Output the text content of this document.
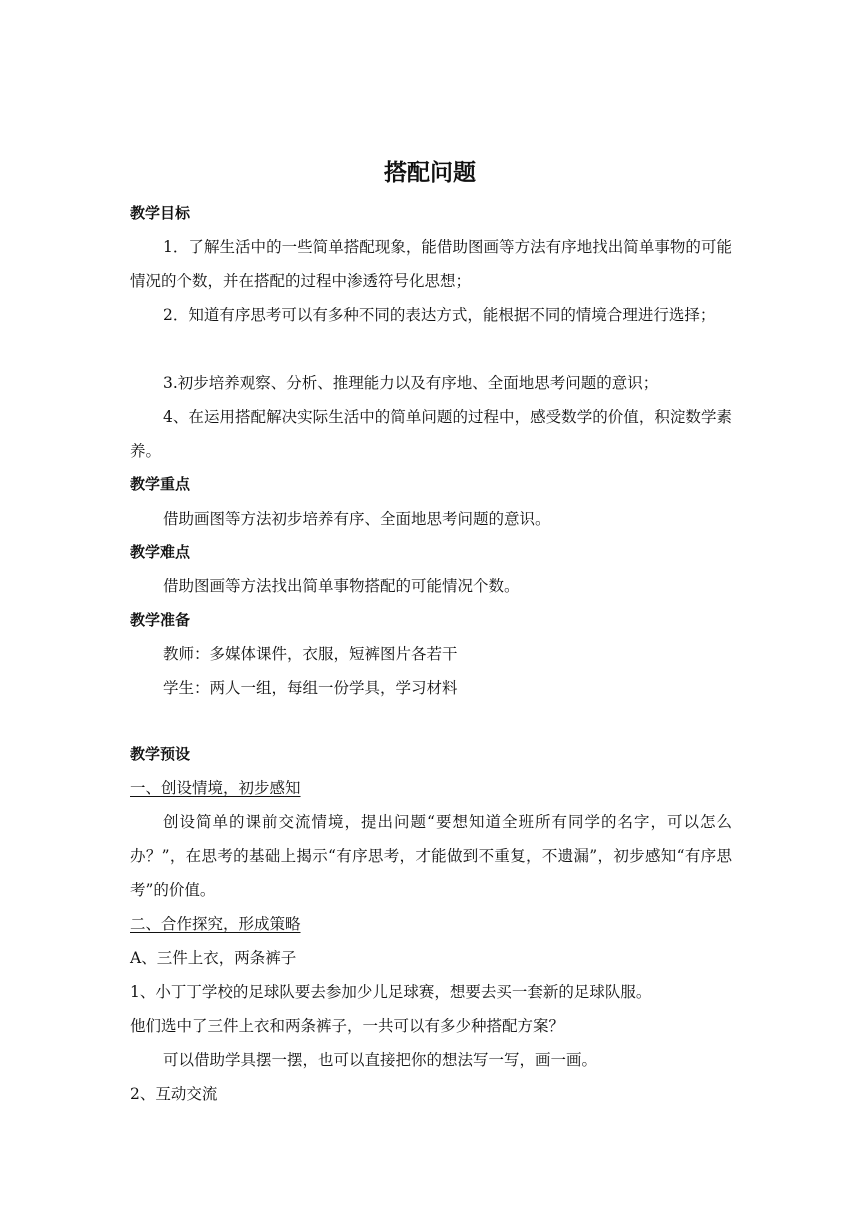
搭配问题
教学目标
1．了解生活中的一些简单搭配现象，能借助图画等方法有序地找出简单事物的可能情况的个数，并在搭配的过程中渗透符号化思想；
2．知道有序思考可以有多种不同的表达方式，能根据不同的情境合理进行选择；
3.初步培养观察、分析、推理能力以及有序地、全面地思考问题的意识；
4、在运用搭配解决实际生活中的简单问题的过程中，感受数学的价值，积淀数学素养。
教学重点
借助画图等方法初步培养有序、全面地思考问题的意识。
教学难点
借助图画等方法找出简单事物搭配的可能情况个数。
教学准备
教师：多媒体课件，衣服，短裤图片各若干
学生：两人一组，每组一份学具，学习材料
教学预设
一、创设情境，初步感知
创设简单的课前交流情境，提出问题“要想知道全班所有同学的名字，可以怎么办？”，在思考的基础上揭示“有序思考，才能做到不重复，不遗漏”，初步感知“有序思考”的价值。
二、合作探究，形成策略
A、三件上衣，两条裤子
1、小丁丁学校的足球队要去参加少儿足球赛，想要去买一套新的足球队服。
他们选中了三件上衣和两条裤子，一共可以有多少种搭配方案？
可以借助学具摆一摆，也可以直接把你的想法写一写，画一画。
2、互动交流
